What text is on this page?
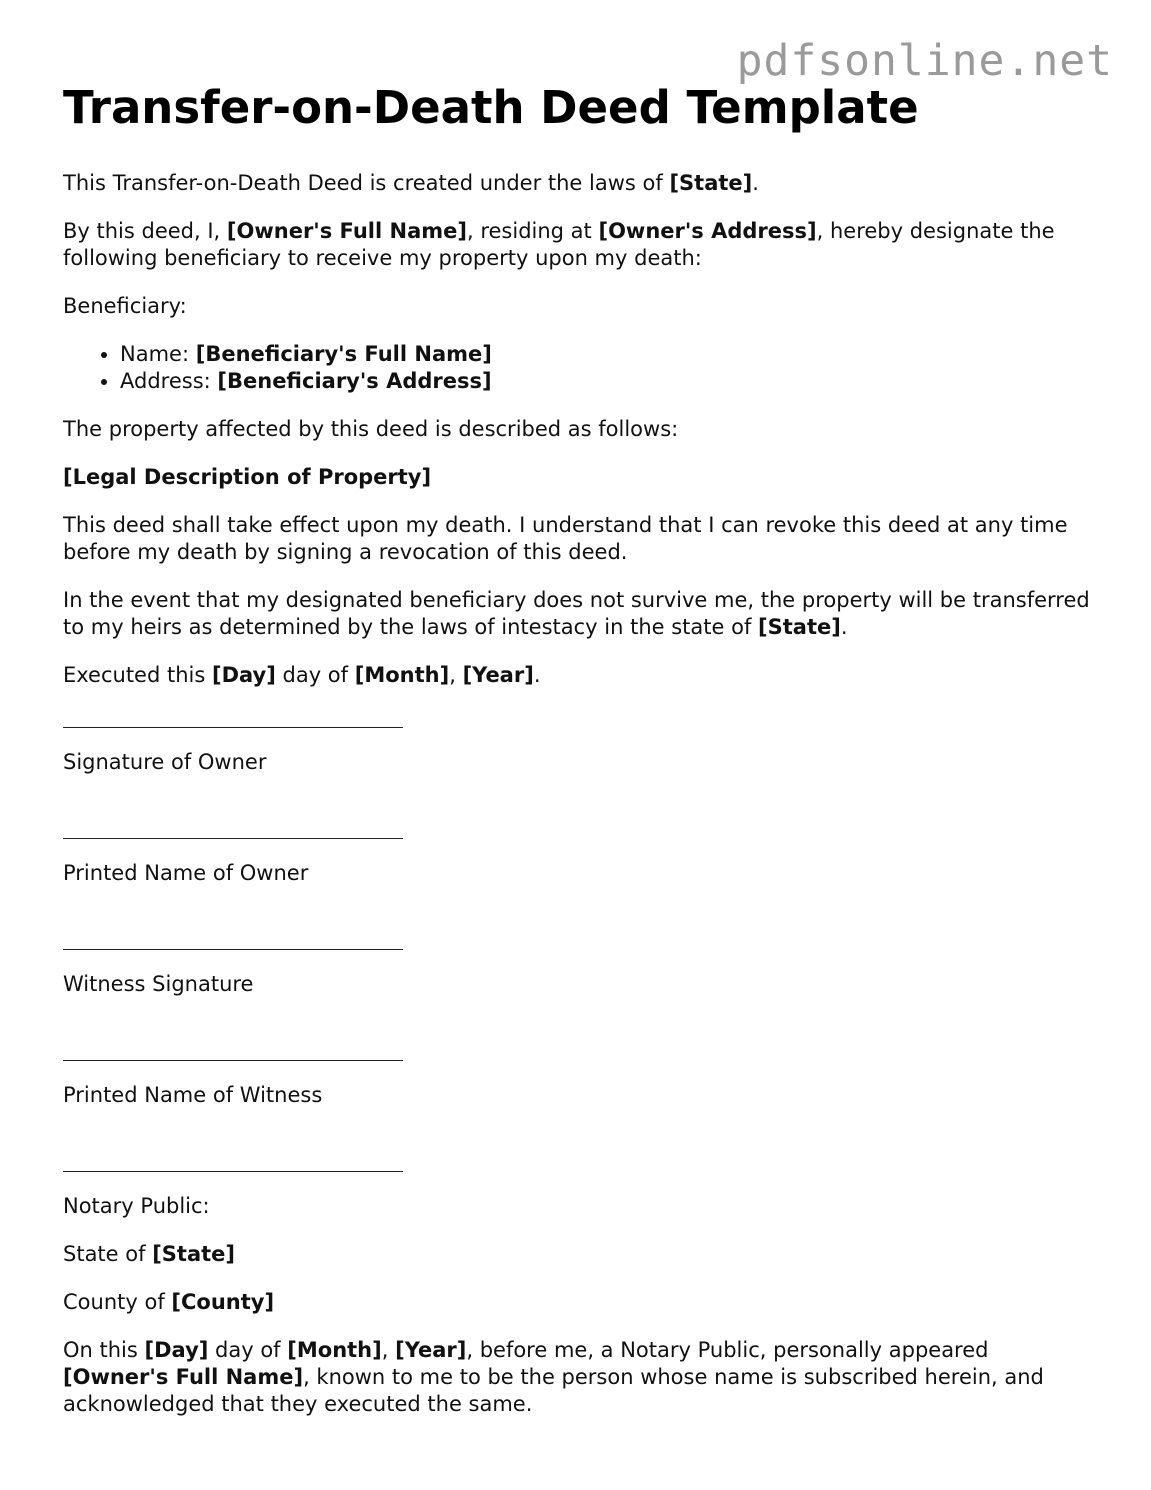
pdfsonline.net
Transfer-on-Death Deed Template

This Transfer-on-Death Deed is created under the laws of [State].

By this deed, I, [Owner's Full Name], residing at [Owner's Address], hereby designate the following beneficiary to receive my property upon my death:

Beneficiary:

• Name: [Beneficiary's Full Name]
• Address: [Beneficiary's Address]

The property affected by this deed is described as follows:

[Legal Description of Property]

This deed shall take effect upon my death. I understand that I can revoke this deed at any time before my death by signing a revocation of this deed.

In the event that my designated beneficiary does not survive me, the property will be transferred to my heirs as determined by the laws of intestacy in the state of [State].

Executed this [Day] day of [Month], [Year].

Signature of Owner

Printed Name of Owner

Witness Signature

Printed Name of Witness

Notary Public:

State of [State]

County of [County]

On this [Day] day of [Month], [Year], before me, a Notary Public, personally appeared [Owner's Full Name], known to me to be the person whose name is subscribed herein, and acknowledged that they executed the same.
